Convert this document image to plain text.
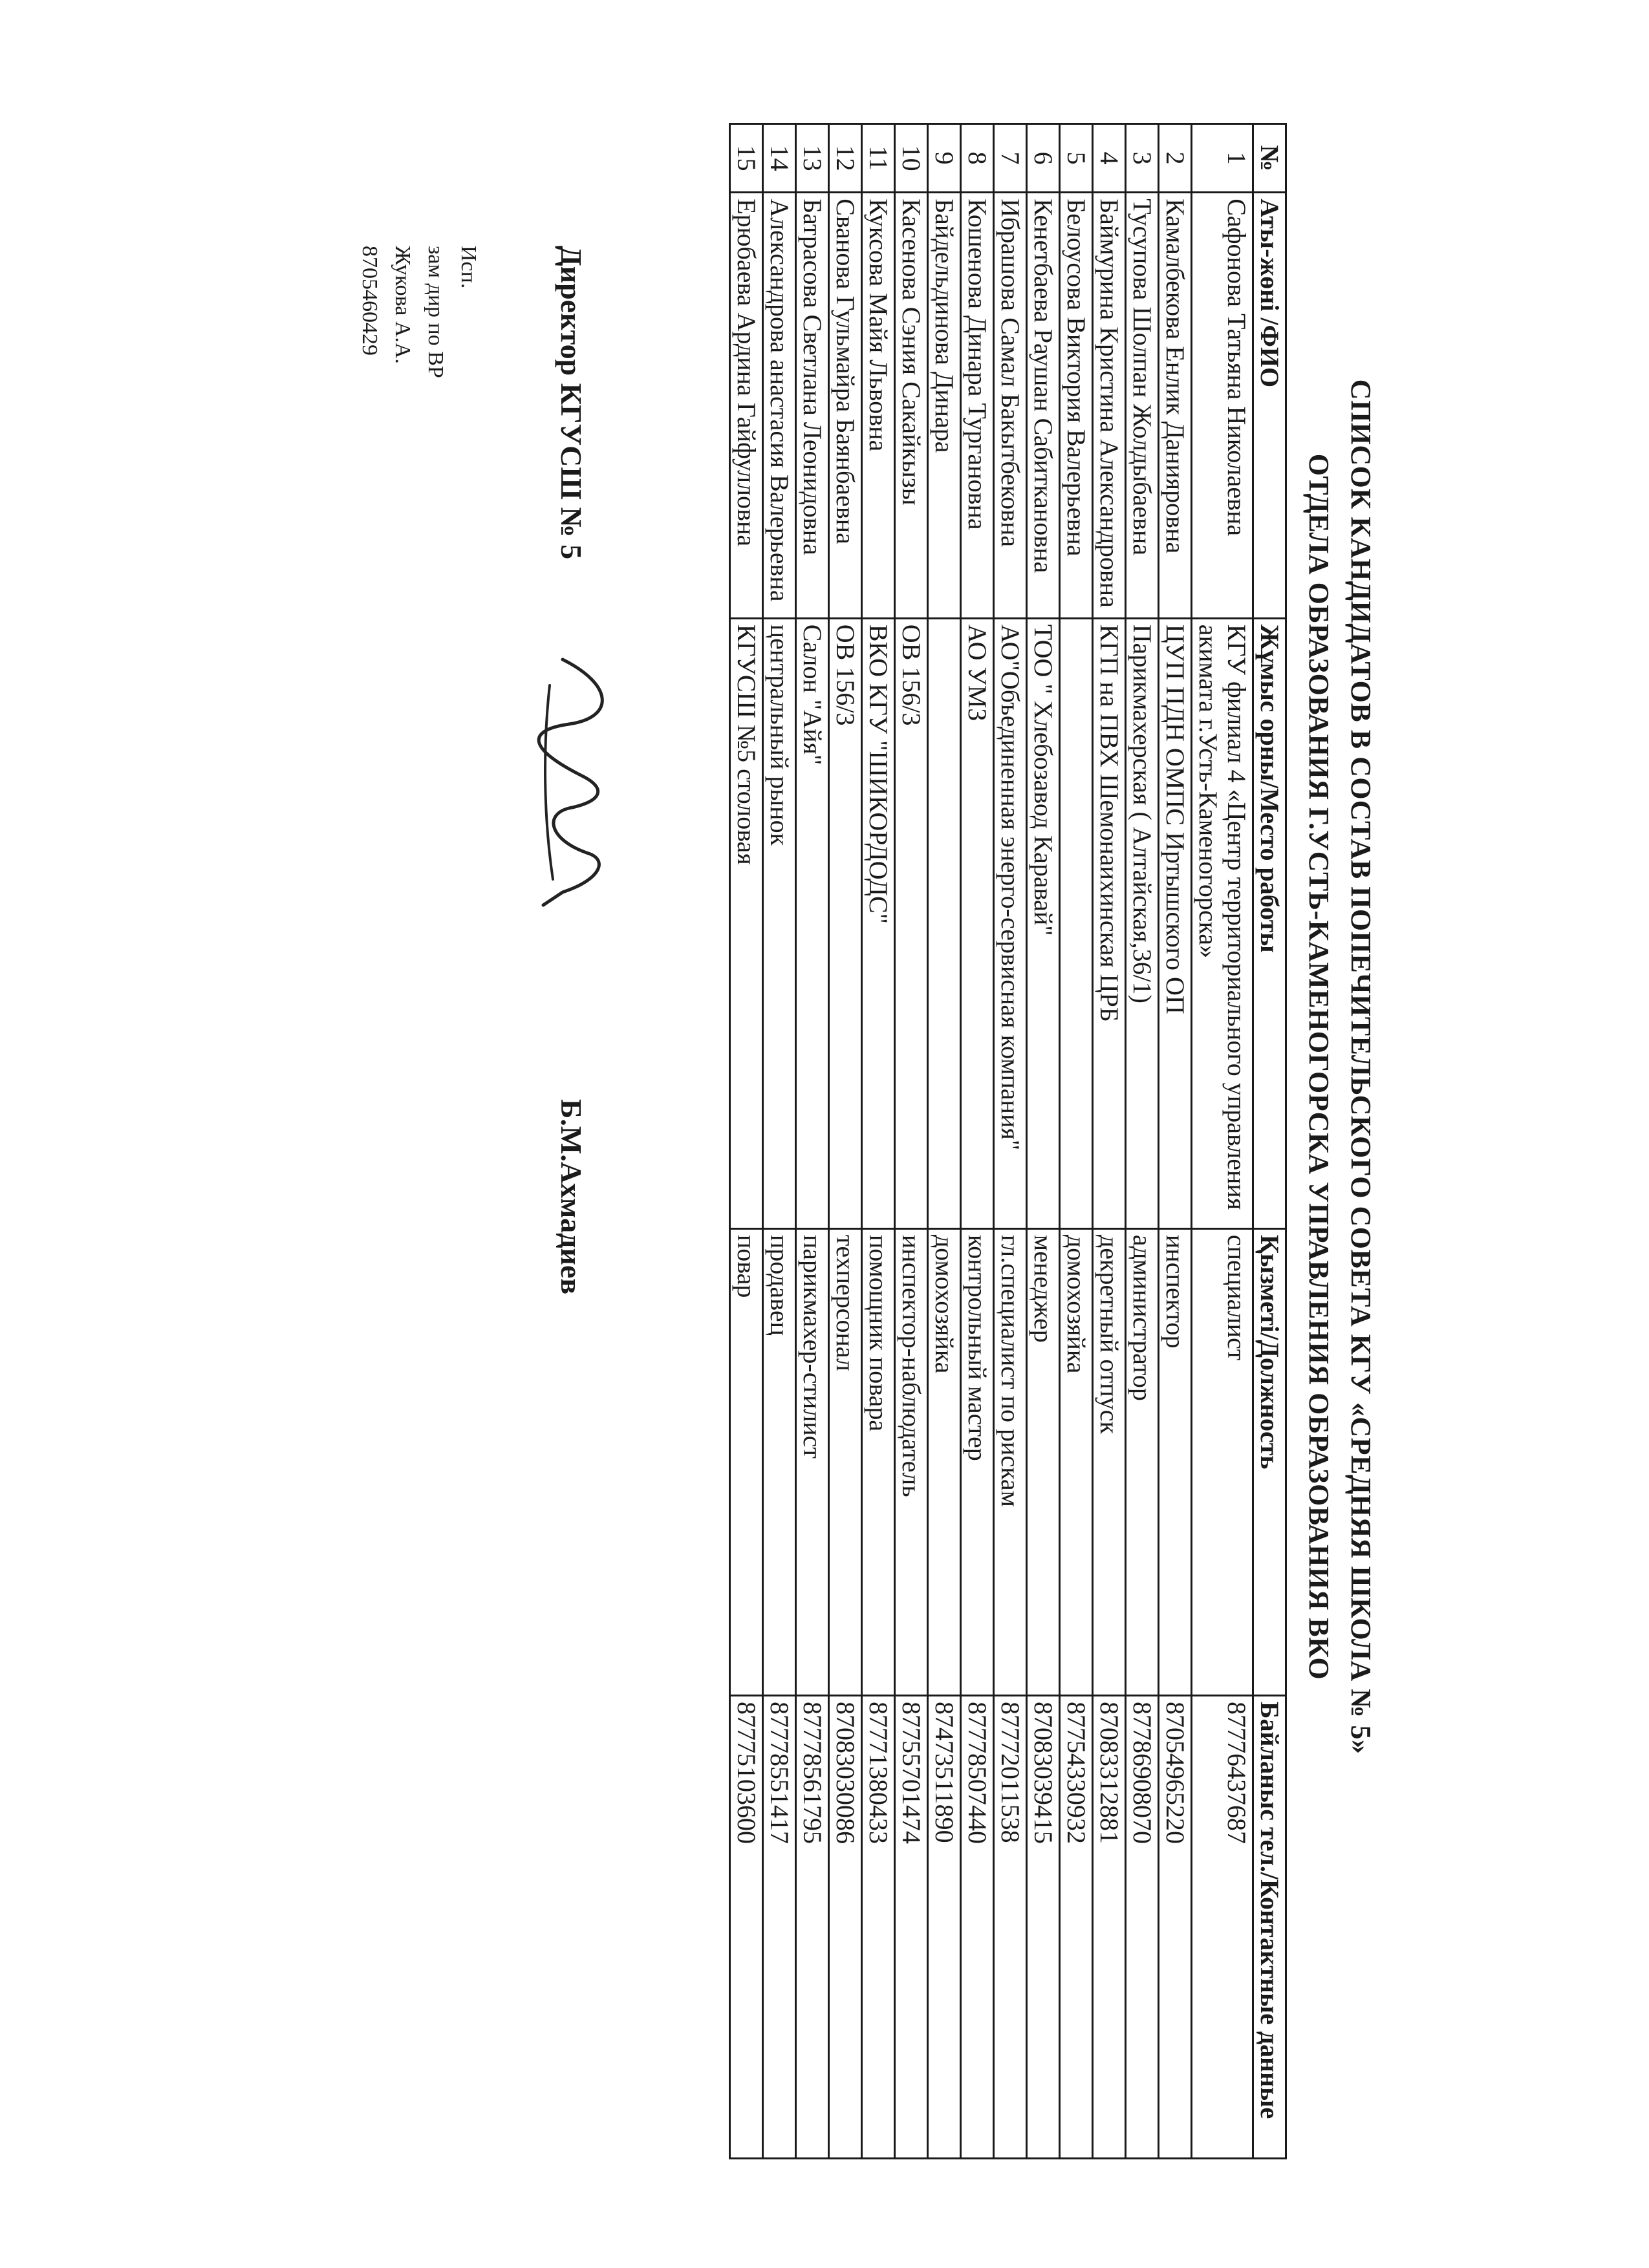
СПИСОК КАНДИДАТОВ В СОСТАВ ПОПЕЧИТЕЛЬСКОГО СОВЕТА КГУ «СРЕДНЯЯ ШКОЛА № 5»
ОТДЕЛА ОБРАЗОВАНИЯ Г.УСТЬ-КАМЕНОГОРСКА УПРАВЛЕНИЯ ОБРАЗОВАНИЯ ВКО
№	Аты-жөні /ФИО	Жұмыс орны/Место работы	Қызметі/Должность	Байланыс тел./Контактные данные
1	Сафонова Татьяна Николаевна	КГУ филиал 4 «Центр территориального управления акимата г.Усть-Каменогорска»	специалист	87776437687
2	Камалбекова Енлик Даниярoвна	ЦУП ПДН ОМПС Иртышского ОП	инспектор	87054965220
3	Тусупова Шолпан Жолдыбаевна	Парикмахерская ( Алтайская,36/1)	администратор	87786908070
4	Баймурина Кристина Александровна	КГП на ПВХ Шемонаихинская ЦРБ	декретный отпуск	87083312881
5	Белоусова Виктория Валерьевна		домохозяйка	87754330932
6	Кенетбаева Раушан Сабиткановна	ТОО " Хлебозавод Каравай"	менеджер	87083039415
7	Ибрашова Самал Бакытбековна	АО"Объединенная энерго-сервисная компания"	гл.специалист по рискам	87772011538
8	Кошенова Динара Тургановна	АО УМЗ	контрольный мастер	87778507440
9	Байдельдинова Динара		домохозяйка	87473511890
10	Касенова Сэния Сакайкызы	ОВ 156/3	инспектор-наблюдатель	87755701474
11	Куксова Майя Львовна	ВКО КГУ "ШИКОРДОДС"	помощник повара	87771380433
12	Сванова Гульмайра Баянбаевна	ОВ 156/3	техперсонал	87083030086
13	Батрасова Светлана Леонидовна	Салон "Айя"	парикмахер-стилист	87778561795
14	Александрова анастасия Валерьевна	центральный рынок	продавец	87778551417
15	Ерюбаева Ардина Гайфулловна	КГУСШ №5 столовая	повар	87775103600
Директор КГУСШ № 5
Б.М.Ахмадиев
Исп.
зам дир по ВР
Жукова А.А.
8705460429
